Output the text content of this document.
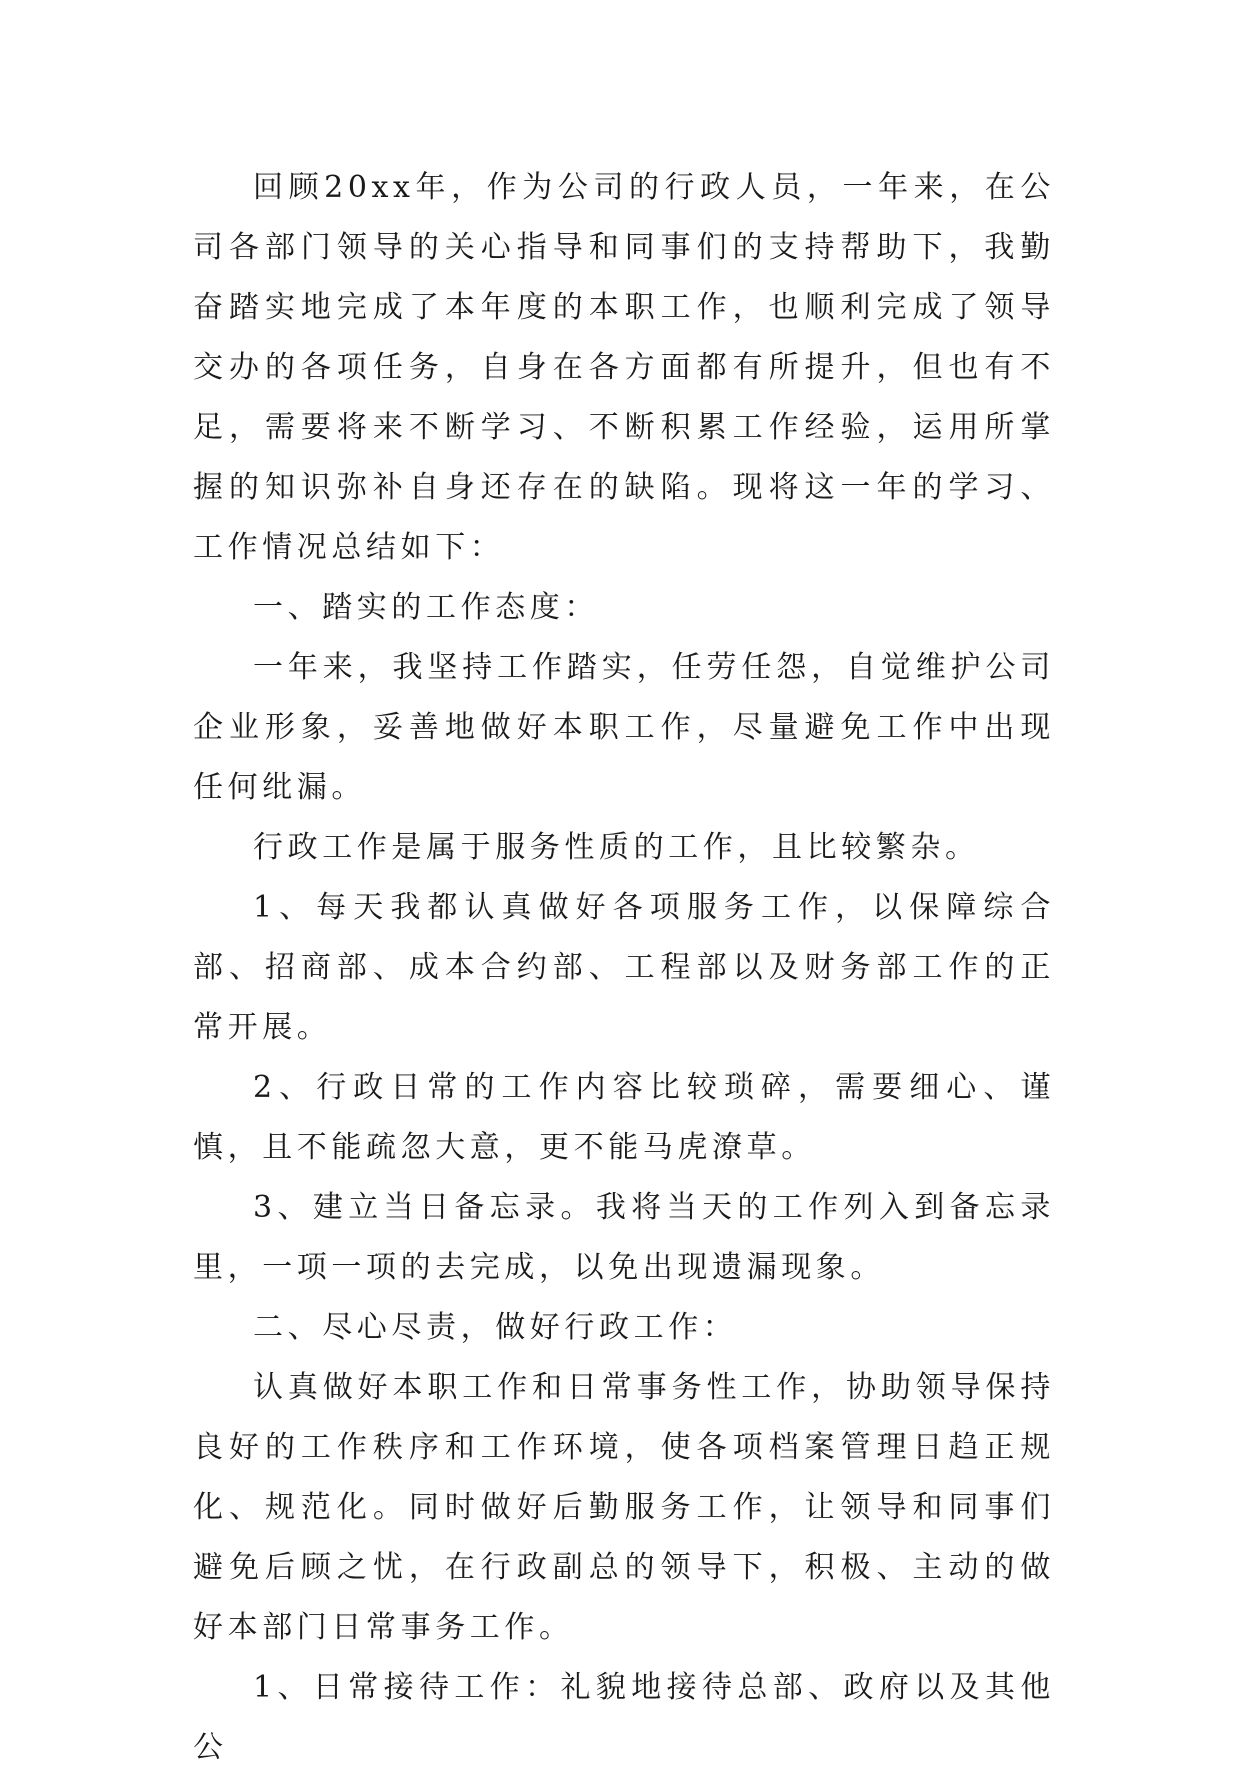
回顾20xx年，作为公司的行政人员，一年来，在公司各部门领导的关心指导和同事们的支持帮助下，我勤奋踏实地完成了本年度的本职工作，也顺利完成了领导交办的各项任务，自身在各方面都有所提升，但也有不足，需要将来不断学习、不断积累工作经验，运用所掌握的知识弥补自身还存在的缺陷。现将这一年的学习、工作情况总结如下：

一、踏实的工作态度：

一年来，我坚持工作踏实，任劳任怨，自觉维护公司企业形象，妥善地做好本职工作，尽量避免工作中出现任何纰漏。

行政工作是属于服务性质的工作，且比较繁杂。

1、每天我都认真做好各项服务工作，以保障综合部、招商部、成本合约部、工程部以及财务部工作的正常开展。

2、行政日常的工作内容比较琐碎，需要细心、谨慎，且不能疏忽大意，更不能马虎潦草。

3、建立当日备忘录。我将当天的工作列入到备忘录里，一项一项的去完成，以免出现遗漏现象。

二、尽心尽责，做好行政工作：

认真做好本职工作和日常事务性工作，协助领导保持良好的工作秩序和工作环境，使各项档案管理日趋正规化、规范化。同时做好后勤服务工作，让领导和同事们避免后顾之忧，在行政副总的领导下，积极、主动的做好本部门日常事务工作。

1、日常接待工作：礼貌地接待总部、政府以及其他公
